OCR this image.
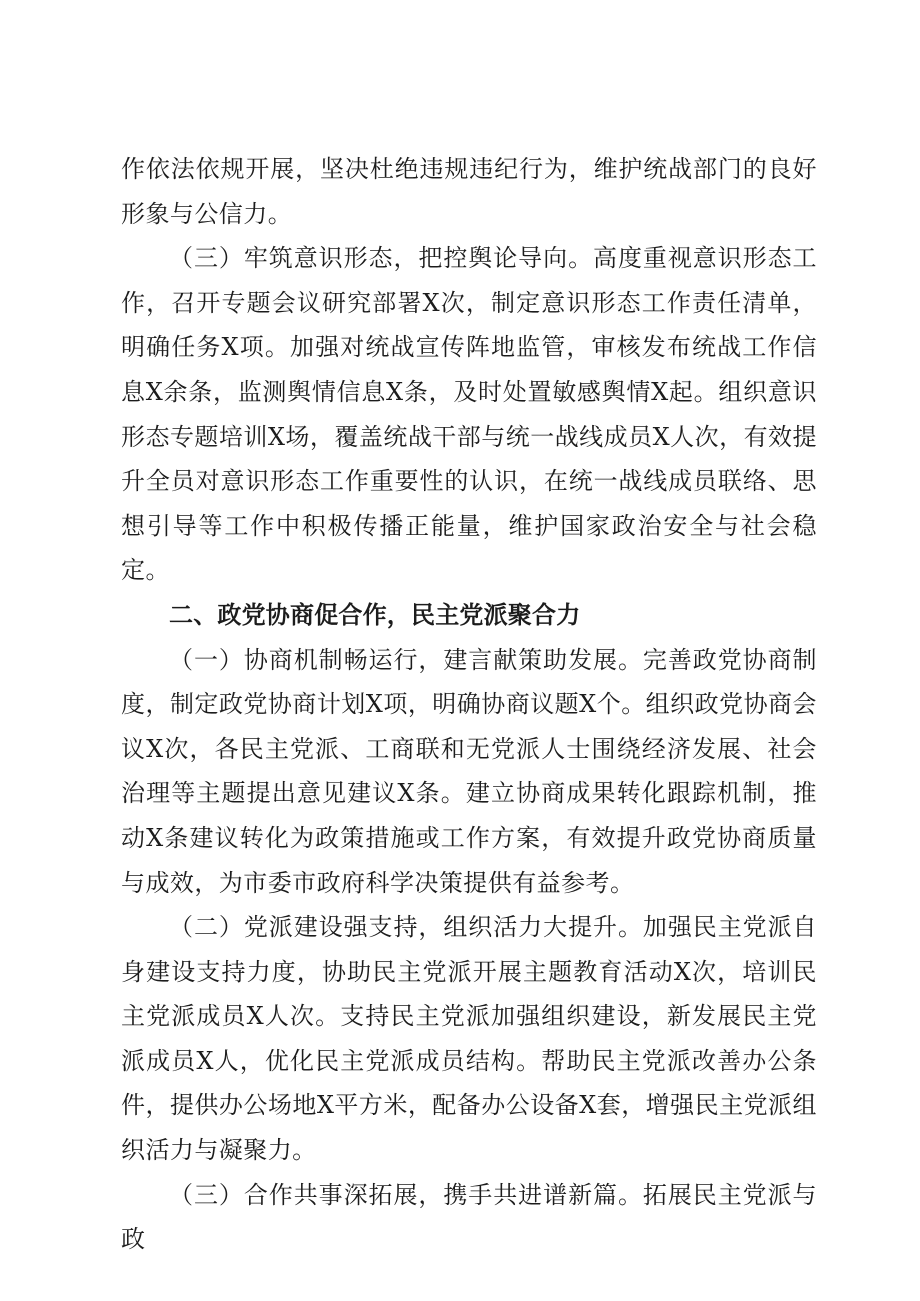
作依法依规开展，坚决杜绝违规违纪行为，维护统战部门的良好形象与公信力。

（三）牢筑意识形态，把控舆论导向。高度重视意识形态工作，召开专题会议研究部署X次，制定意识形态工作责任清单，明确任务X项。加强对统战宣传阵地监管，审核发布统战工作信息X余条，监测舆情信息X条，及时处置敏感舆情X起。组织意识形态专题培训X场，覆盖统战干部与统一战线成员X人次，有效提升全员对意识形态工作重要性的认识，在统一战线成员联络、思想引导等工作中积极传播正能量，维护国家政治安全与社会稳定。

二、政党协商促合作，民主党派聚合力

（一）协商机制畅运行，建言献策助发展。完善政党协商制度，制定政党协商计划X项，明确协商议题X个。组织政党协商会议X次，各民主党派、工商联和无党派人士围绕经济发展、社会治理等主题提出意见建议X条。建立协商成果转化跟踪机制，推动X条建议转化为政策措施或工作方案，有效提升政党协商质量与成效，为市委市政府科学决策提供有益参考。

（二）党派建设强支持，组织活力大提升。加强民主党派自身建设支持力度，协助民主党派开展主题教育活动X次，培训民主党派成员X人次。支持民主党派加强组织建设，新发展民主党派成员X人，优化民主党派成员结构。帮助民主党派改善办公条件，提供办公场地X平方米，配备办公设备X套，增强民主党派组织活力与凝聚力。

（三）合作共事深拓展，携手共进谱新篇。拓展民主党派与政
